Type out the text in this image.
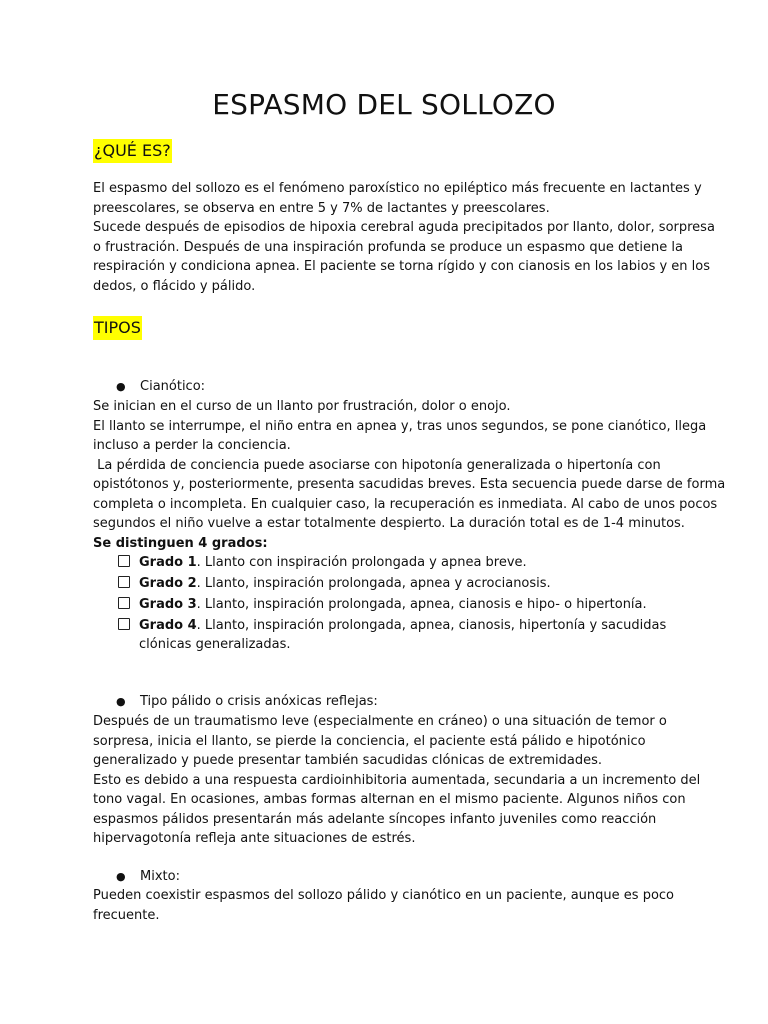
ESPASMO DEL SOLLOZO
¿QUÉ ES?
El espasmo del sollozo es el fenómeno paroxístico no epiléptico más frecuente en lactantes y
preescolares, se observa en entre 5 y 7% de lactantes y preescolares.
Sucede después de episodios de hipoxia cerebral aguda precipitados por llanto, dolor, sorpresa
o frustración. Después de una inspiración profunda se produce un espasmo que detiene la
respiración y condiciona apnea. El paciente se torna rígido y con cianosis en los labios y en los
dedos, o flácido y pálido.
TIPOS
● Cianótico:
Se inician en el curso de un llanto por frustración, dolor o enojo.
El llanto se interrumpe, el niño entra en apnea y, tras unos segundos, se pone cianótico, llega
incluso a perder la conciencia.
La pérdida de conciencia puede asociarse con hipotonía generalizada o hipertonía con
opistótonos y, posteriormente, presenta sacudidas breves. Esta secuencia puede darse de forma
completa o incompleta. En cualquier caso, la recuperación es inmediata. Al cabo de unos pocos
segundos el niño vuelve a estar totalmente despierto. La duración total es de 1-4 minutos.
Se distinguen 4 grados:
Grado 1. Llanto con inspiración prolongada y apnea breve.
Grado 2. Llanto, inspiración prolongada, apnea y acrocianosis.
Grado 3. Llanto, inspiración prolongada, apnea, cianosis e hipo- o hipertonía.
Grado 4. Llanto, inspiración prolongada, apnea, cianosis, hipertonía y sacudidas
clónicas generalizadas.
● Tipo pálido o crisis anóxicas reflejas:
Después de un traumatismo leve (especialmente en cráneo) o una situación de temor o
sorpresa, inicia el llanto, se pierde la conciencia, el paciente está pálido e hipotónico
generalizado y puede presentar también sacudidas clónicas de extremidades.
Esto es debido a una respuesta cardioinhibitoria aumentada, secundaria a un incremento del
tono vagal. En ocasiones, ambas formas alternan en el mismo paciente. Algunos niños con
espasmos pálidos presentarán más adelante síncopes infanto juveniles como reacción
hipervagotonía refleja ante situaciones de estrés.
● Mixto:
Pueden coexistir espasmos del sollozo pálido y cianótico en un paciente, aunque es poco
frecuente.
